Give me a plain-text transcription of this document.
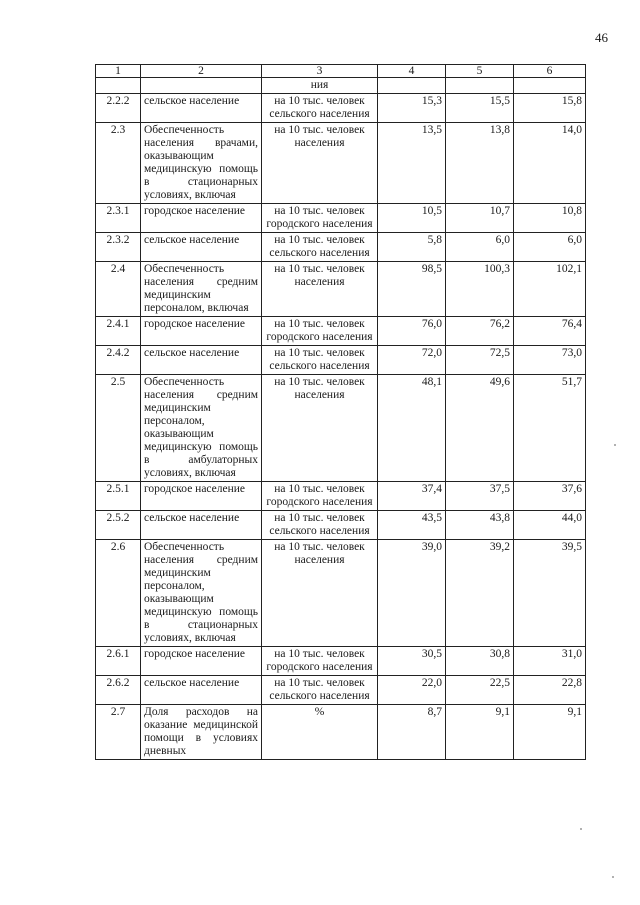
46
1	2	3	4	5	6
		ния			
2.2.2	сельское население	на 10 тыс. человек сельского населения	15,3	15,5	15,8
2.3	Обеспеченность населения врачами, оказывающим медицинскую помощь в стационарных условиях, включая	на 10 тыс. человек населения	13,5	13,8	14,0
2.3.1	городское население	на 10 тыс. человек городского населения	10,5	10,7	10,8
2.3.2	сельское население	на 10 тыс. человек сельского населения	5,8	6,0	6,0
2.4	Обеспеченность населения средним медицинским персоналом, включая	на 10 тыс. человек населения	98,5	100,3	102,1
2.4.1	городское население	на 10 тыс. человек городского населения	76,0	76,2	76,4
2.4.2	сельское население	на 10 тыс. человек сельского населения	72,0	72,5	73,0
2.5	Обеспеченность населения средним медицинским персоналом, оказывающим медицинскую помощь в амбулаторных условиях, включая	на 10 тыс. человек населения	48,1	49,6	51,7
2.5.1	городское население	на 10 тыс. человек городского населения	37,4	37,5	37,6
2.5.2	сельское население	на 10 тыс. человек сельского населения	43,5	43,8	44,0
2.6	Обеспеченность населения средним медицинским персоналом, оказывающим медицинскую помощь в стационарных условиях, включая	на 10 тыс. человек населения	39,0	39,2	39,5
2.6.1	городское население	на 10 тыс. человек городского населения	30,5	30,8	31,0
2.6.2	сельское население	на 10 тыс. человек сельского населения	22,0	22,5	22,8
2.7	Доля расходов на оказание медицинской помощи в условиях дневных	%	8,7	9,1	9,1
